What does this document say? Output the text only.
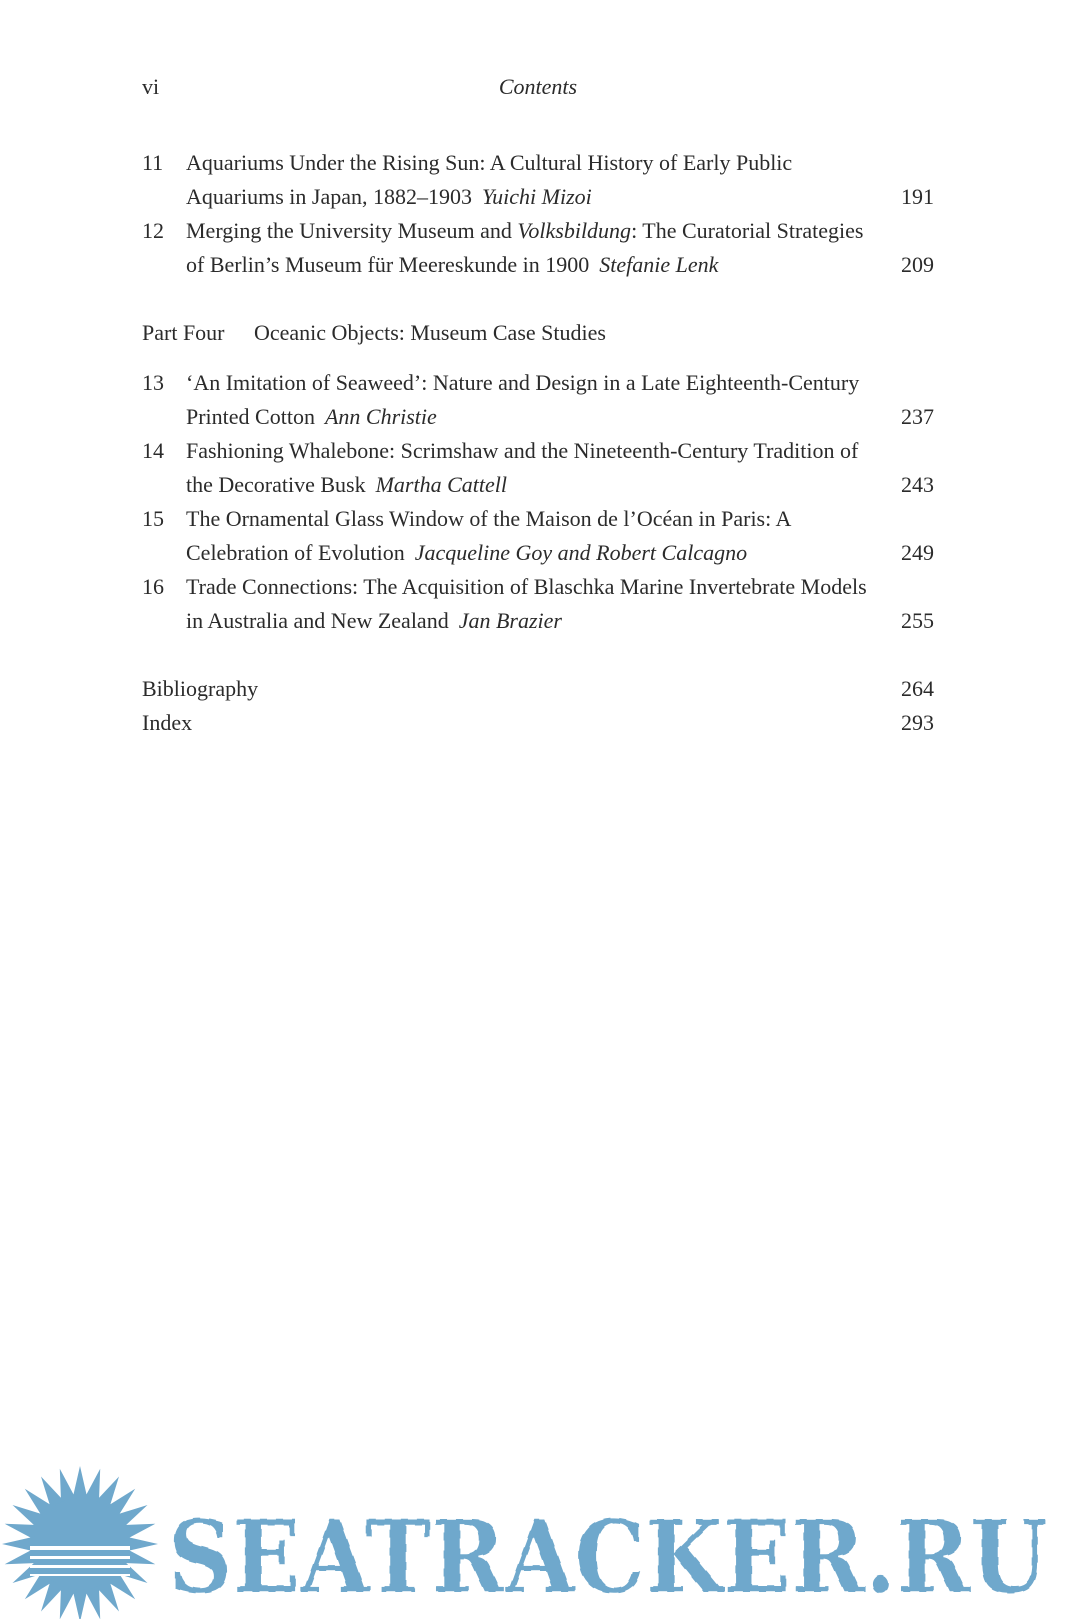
vi	Contents
11 Aquariums Under the Rising Sun: A Cultural History of Early Public Aquariums in Japan, 1882–1903 Yuichi Mizoi	191
12 Merging the University Museum and Volksbildung: The Curatorial Strategies of Berlin’s Museum für Meereskunde in 1900 Stefanie Lenk	209
Part Four Oceanic Objects: Museum Case Studies
13 ‘An Imitation of Seaweed’: Nature and Design in a Late Eighteenth-Century Printed Cotton Ann Christie	237
14 Fashioning Whalebone: Scrimshaw and the Nineteenth-Century Tradition of the Decorative Busk Martha Cattell	243
15 The Ornamental Glass Window of the Maison de l’Océan in Paris: A Celebration of Evolution Jacqueline Goy and Robert Calcagno	249
16 Trade Connections: The Acquisition of Blaschka Marine Invertebrate Models in Australia and New Zealand Jan Brazier	255
Bibliography	264
Index	293
SEATRACKER.RU
